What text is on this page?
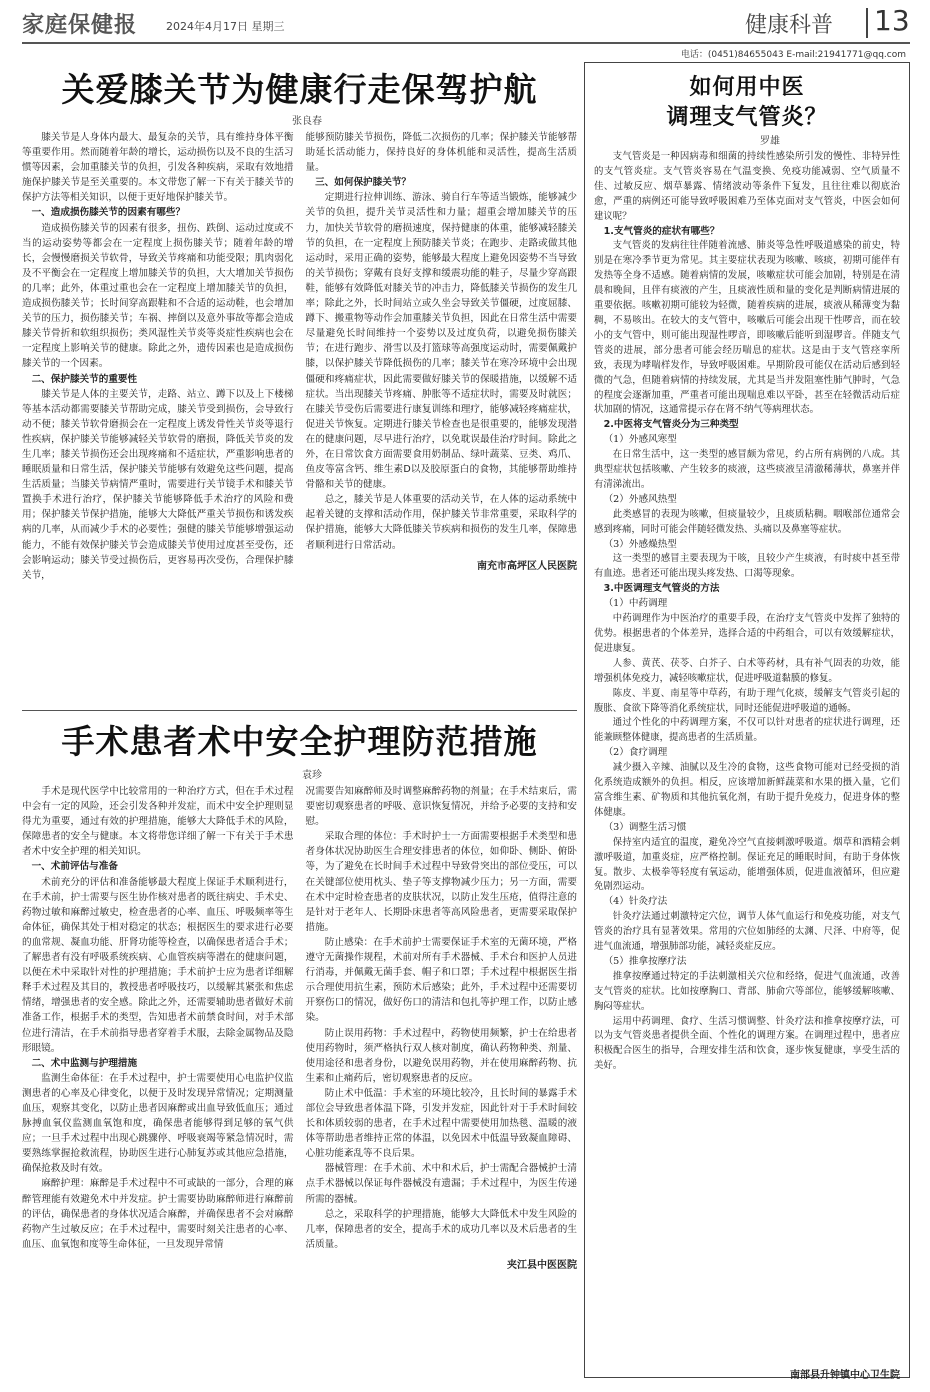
家庭保健报	2024年4月17日 星期三	健康科普 13
电话：(0451)84655043 E-mail:21941771@qq.com
关爱膝关节为健康行走保驾护航
张良春

膝关节是人身体内最大、最复杂的关节，具有维持身体平衡等重要作用。然而随着年龄的增长，运动损伤以及不良的生活习惯等因素，会加重膝关节的负担，引发各种疾病，采取有效地措施保护膝关节是至关重要的。本文带您了解一下有关于膝关节的保护方法等相关知识，以便于更好地保护膝关节。

一、造成损伤膝关节的因素有哪些？

造成损伤膝关节的因素有很多，扭伤、跌倒、运动过度或不当的运动姿势等都会在一定程度上损伤膝关节；随着年龄的增长，会慢慢磨损关节软骨，导致关节疼痛和功能受限；肌肉弱化及不平衡会在一定程度上增加膝关节的负担，大大增加关节损伤的几率；此外，体重过重也会在一定程度上增加膝关节的负担，造成损伤膝关节；长时间穿高跟鞋和不合适的运动鞋，也会增加关节的压力，损伤膝关节；车祸、摔倒以及意外事故等都会造成膝关节骨折和软组织损伤；类风湿性关节炎等炎症性疾病也会在一定程度上影响关节的健康。除此之外，遗传因素也是造成损伤膝关节的一个因素。

二、保护膝关节的重要性

膝关节是人体的主要关节，走路、站立、蹲下以及上下楼梯等基本活动都需要膝关节帮助完成，膝关节受到损伤，会导致行动不便；膝关节软骨磨损会在一定程度上诱发骨性关节炎等退行性疾病，保护膝关节能够减轻关节软骨的磨损，降低关节炎的发生几率；膝关节损伤还会出现疼痛和不适症状，严重影响患者的睡眠质量和日常生活，保护膝关节能够有效避免这些问题，提高生活质量；当膝关节病情严重时，需要进行关节镜手术和膝关节置换手术进行治疗，保护膝关节能够降低手术治疗的风险和费用；保护膝关节保护措施，能够大大降低严重关节损伤和诱发疾病的几率，从而减少手术的必要性；强健的膝关节能够增强运动能力，不能有效保护膝关节会造成膝关节使用过度甚至受伤，还会影响运动；膝关节受过损伤后，更容易再次受伤，合理保护膝关节，

能够预防膝关节损伤，降低二次损伤的几率；保护膝关节能够帮助延长活动能力，保持良好的身体机能和灵活性，提高生活质量。

三、如何保护膝关节？

定期进行拉伸训练、游泳、骑自行车等适当锻炼，能够减少关节的负担，提升关节灵活性和力量；超重会增加膝关节的压力，加快关节软骨的磨损速度，保持健康的体重，能够减轻膝关节的负担，在一定程度上预防膝关节炎；在跑步、走路或做其他运动时，采用正确的姿势，能够最大程度上避免因姿势不当导致的关节损伤；穿戴有良好支撑和缓震功能的鞋子，尽量少穿高跟鞋，能够有效降低对膝关节的冲击力，降低膝关节损伤的发生几率；除此之外，长时间站立或久坐会导致关节僵硬，过度屈膝、蹲下、搬重物等动作会加重膝关节负担，因此在日常生活中需要尽量避免长时间维持一个姿势以及过度负荷，以避免损伤膝关节；在进行跑步、滑雪以及打篮球等高强度运动时，需要佩戴护膝，以保护膝关节降低损伤的几率；膝关节在寒冷环境中会出现僵硬和疼痛症状，因此需要做好膝关节的保暖措施，以缓解不适症状。当出现膝关节疼痛、肿胀等不适症状时，需要及时就医；在膝关节受伤后需要进行康复训练和理疗，能够减轻疼痛症状，促进关节恢复。定期进行膝关节检查也是很重要的，能够发现潜在的健康问题，尽早进行治疗，以免耽误最佳治疗时间。除此之外，在日常饮食方面需要食用奶制品、绿叶蔬菜、豆类、鸡爪、鱼皮等富含钙、维生素D以及胶原蛋白的食物，其能够帮助维持骨骼和关节的健康。

总之，膝关节是人体重要的活动关节，在人体的运动系统中起着关键的支撑和活动作用，保护膝关节非常重要，采取科学的保护措施，能够大大降低膝关节疾病和损伤的发生几率，保障患者顺利进行日常活动。

南充市高坪区人民医院
手术患者术中安全护理防范措施
袁珍

手术是现代医学中比较常用的一种治疗方式，但在手术过程中会有一定的风险，还会引发各种并发症，而术中安全护理则显得尤为重要，通过有效的护理措施，能够大大降低手术的风险，保障患者的安全与健康。本文将带您详细了解一下有关于手术患者术中安全护理的相关知识。

一、术前评估与准备

术前充分的评估和准备能够最大程度上保证手术顺利进行，在手术前，护士需要与医生协作核对患者的既往病史、手术史、药物过敏和麻醉过敏史，检查患者的心率、血压、呼吸频率等生命体征，确保其处于相对稳定的状态；根据医生的要求进行必要的血常规、凝血功能、肝肾功能等检查，以确保患者适合手术；了解患者有没有呼吸系统疾病、心血管疾病等潜在的健康问题，以便在术中采取针对性的护理措施；手术前护士应为患者详细解释手术过程及其目的，教授患者呼吸技巧，以缓解其紧张和焦虑情绪，增强患者的安全感。除此之外，还需要辅助患者做好术前准备工作，根据手术的类型，告知患者术前禁食时间，对手术部位进行清洁，在手术前指导患者穿着手术服，去除金属物品及隐形眼镜。

二、术中监测与护理措施

监测生命体征：在手术过程中，护士需要使用心电监护仪监测患者的心率及心律变化，以便于及时发现异常情况；定期测量血压，观察其变化，以防止患者因麻醉或出血导致低血压；通过脉搏血氧仪监测血氧饱和度，确保患者能够得到足够的氧气供应；一旦手术过程中出现心跳骤停、呼吸衰竭等紧急情况时，需要熟练掌握抢救流程，协助医生进行心肺复苏或其他应急措施，确保抢救及时有效。

麻醉护理：麻醉是手术过程中不可或缺的一部分，合理的麻醉管理能有效避免术中并发症。护士需要协助麻醉师进行麻醉前的评估，确保患者的身体状况适合麻醉，并确保患者不会对麻醉药物产生过敏反应；在手术过程中，需要时刻关注患者的心率、血压、血氧饱和度等生命体征，一旦发现异常情

况需要告知麻醉师及时调整麻醉药物的剂量；在手术结束后，需要密切观察患者的呼吸、意识恢复情况，并给予必要的支持和安慰。

采取合理的体位：手术时护士一方面需要根据手术类型和患者身体状况协助医生合理安排患者的体位，如仰卧、侧卧、俯卧等，为了避免在长时间手术过程中导致骨突出的部位受压，可以在关键部位使用枕头、垫子等支撑物减少压力；另一方面，需要在术中定时检查患者的皮肤状况，以防止发生压疮，值得注意的是针对于老年人、长期卧床患者等高风险患者，更需要采取保护措施。

防止感染：在手术前护士需要保证手术室的无菌环境，严格遵守无菌操作规程，术前对所有手术器械、手术台和医护人员进行消毒，并佩戴无菌手套、帽子和口罩；手术过程中根据医生指示合理使用抗生素，预防术后感染；此外，手术过程中还需要切开察伤口的情况，做好伤口的清洁和包扎等护理工作，以防止感染。

防止误用药物：手术过程中，药物使用频繁，护士在给患者使用药物时，须严格执行双人核对制度，确认药物种类、剂量、使用途径和患者身份，以避免误用药物，并在使用麻醉药物、抗生素和止痛药后，密切观察患者的反应。

防止术中低温：手术室的环境比较冷，且长时间的暴露手术部位会导致患者体温下降，引发并发症，因此针对于手术时间较长和体质较弱的患者，在手术过程中需要使用加热毯、温暖的液体等帮助患者维持正常的体温，以免因术中低温导致凝血障碍、心脏功能紊乱等不良后果。

器械管理：在手术前、术中和术后，护士需配合器械护士清点手术器械以保证每件器械没有遗漏；手术过程中，为医生传递所需的器械。

总之，采取科学的护理措施，能够大大降低术中发生风险的几率，保障患者的安全，提高手术的成功几率以及术后患者的生活质量。

夹江县中医医院
如何用中医
调理支气管炎？
罗雄

支气管炎是一种因病毒和细菌的持续性感染所引发的慢性、非特异性的支气管炎症。支气管炎容易在气温变换、免疫功能减弱、空气质量不佳、过敏反应、烟草暴露、情绪波动等条件下复发，且往往难以彻底治愈，严重的病例还可能导致呼吸困难乃至体克面对支气管炎，中医会如何建议呢？

1.支气管炎的症状有哪些？

支气管炎的发病往往伴随着流感、肺炎等急性呼吸道感染的前史，特别是在寒冷季节更为常见。其主要症状表现为咳嗽、咳痰，初期可能伴有发热等全身不适感。随着病情的发展，咳嗽症状可能会加剧，特别是在清晨和晚间，且伴有痰液的产生，且痰液性质和量的变化是判断病情进展的重要依据。咳嗽初期可能较为轻微，随着疾病的进展，痰液从稀薄变为黏稠，不易咳出。在较大的支气管中，咳嗽后可能会出现干性啰音，而在较小的支气管中，则可能出现湿性啰音，即咳嗽后能听到湿啰音。伴随支气管炎的进展，部分患者可能会经历喘息的症状。这是由于支气管痉挛所致，表现为哮喘样发作，导致呼吸困难。早期阶段可能仅在活动后感到轻微的气急，但随着病情的持续发展，尤其是当并发阻塞性肺气肿时，气急的程度会逐渐加重，严重者可能出现喘息难以平卧，甚至在轻微活动后症状加剧的情况，这通常提示存在肾不纳气等病理状态。

2.中医将支气管炎分为三种类型
（1）外感风寒型

在日常生活中，这一类型的感冒颇为常见，约占所有病例的八成。其典型症状包括咳嗽、产生较多的痰液，这些痰液呈清澈稀薄状，鼻塞并伴有清涕流出。

（2）外感风热型

此类感冒的表现为咳嗽，但痰量较少，且痰质粘稠。咽喉部位通常会感到疼痛，同时可能会伴随轻微发热、头痛以及鼻塞等症状。

（3）外感燥热型

这一类型的感冒主要表现为干咳，且较少产生痰液，有时痰中甚至带有血迹。患者还可能出现头疼发热、口渴等现象。

3.中医调理支气管炎的方法
（1）中药调理

中药调理作为中医治疗的重要手段，在治疗支气管炎中发挥了独特的优势。根据患者的个体差异，选择合适的中药组合，可以有效缓解症状，促进康复。

人参、黄芪、茯苓、白芥子、白术等药材，具有补气固表的功效，能增强机体免疫力，减轻咳嗽症状，促进呼吸道黏膜的修复。

陈皮、半夏、南星等中草药，有助于理气化痰，缓解支气管炎引起的腹胀、食欲下降等消化系统症状，同时还能促进呼吸道的通畅。

通过个性化的中药调理方案，不仅可以针对患者的症状进行调理，还能兼顾整体健康，提高患者的生活质量。

（2）食疗调理

减少摄入辛辣、油腻以及生冷的食物，这些食物可能对已经受损的消化系统造成额外的负担。相反，应该增加新鲜蔬菜和水果的摄入量，它们富含维生素、矿物质和其他抗氧化剂，有助于提升免疫力，促进身体的整体健康。

（3）调整生活习惯

保持室内适宜的温度，避免冷空气直接刺激呼吸道。烟草和酒精会刺激呼吸道，加重炎症，应严格控制。保证充足的睡眠时间，有助于身体恢复。散步、太极拳等轻度有氧运动，能增强体质，促进血液循环，但应避免剧烈运动。

（4）针灸疗法

针灸疗法通过刺激特定穴位，调节人体气血运行和免疫功能，对支气管炎的治疗具有显著效果。常用的穴位如肺经的太渊、尺泽、中府等，促进气血流通，增强肺部功能，减轻炎症反应。

（5）推拿按摩疗法

推拿按摩通过特定的手法刺激相关穴位和经络，促进气血流通，改善支气管炎的症状。比如按摩胸口、背部、肺俞穴等部位，能够缓解咳嗽、胸闷等症状。

运用中药调理、食疗、生活习惯调整、针灸疗法和推拿按摩疗法，可以为支气管炎患者提供全面、个性化的调理方案。在调理过程中，患者应积极配合医生的指导，合理安排生活和饮食，逐步恢复健康，享受生活的美好。

南部县升钟镇中心卫生院
